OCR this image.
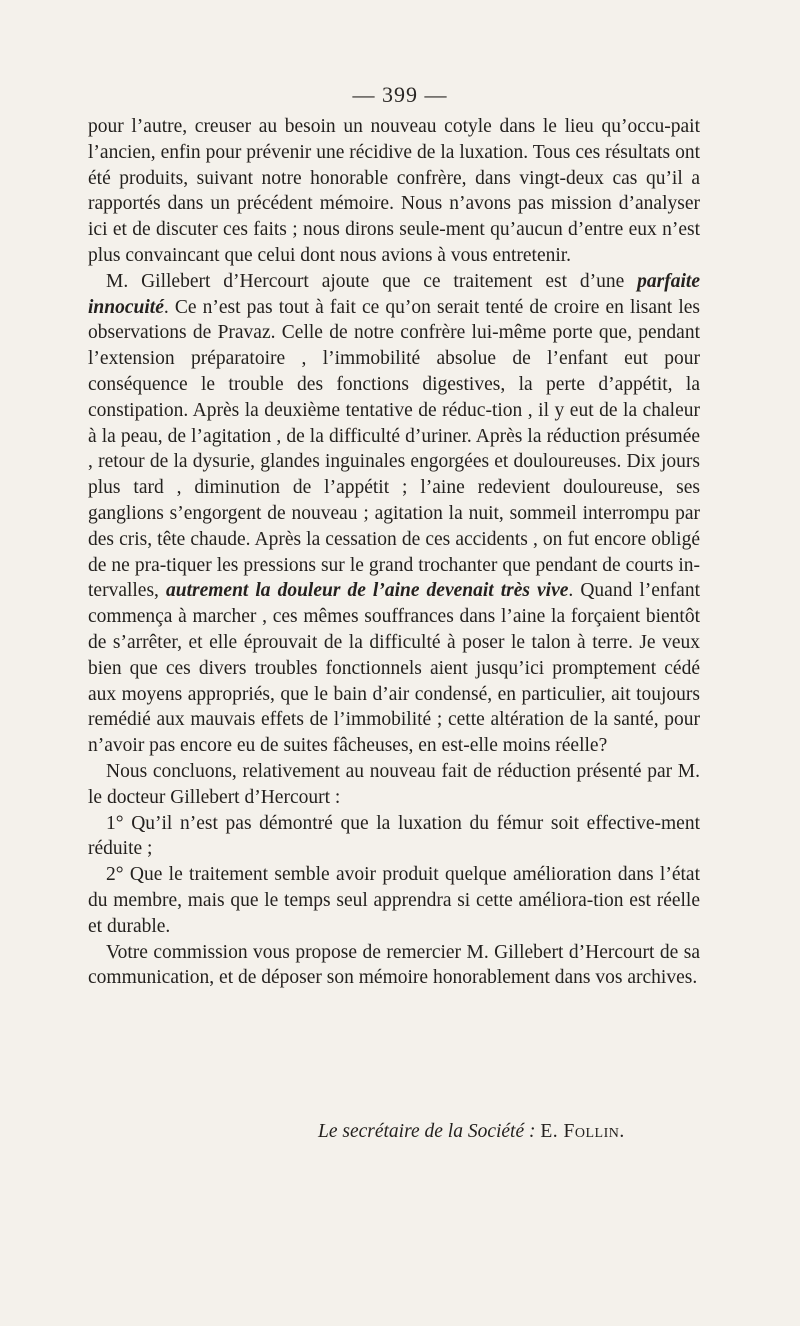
— 399 —

pour l’autre, creuser au besoin un nouveau cotyle dans le lieu qu’occu-pait l’ancien, enfin pour prévenir une récidive de la luxation. Tous ces résultats ont été produits, suivant notre honorable confrère, dans vingt-deux cas qu’il a rapportés dans un précédent mémoire. Nous n’avons pas mission d’analyser ici et de discuter ces faits ; nous dirons seule-ment qu’aucun d’entre eux n’est plus convaincant que celui dont nous avions à vous entretenir.

M. Gillebert d’Hercourt ajoute que ce traitement est d’une parfaite innocuité. Ce n’est pas tout à fait ce qu’on serait tenté de croire en lisant les observations de Pravaz. Celle de notre confrère lui-même porte que, pendant l’extension préparatoire , l’immobilité absolue de l’enfant eut pour conséquence le trouble des fonctions digestives, la perte d’appétit, la constipation. Après la deuxième tentative de réduc-tion , il y eut de la chaleur à la peau, de l’agitation , de la difficulté d’uriner. Après la réduction présumée , retour de la dysurie, glandes inguinales engorgées et douloureuses. Dix jours plus tard , diminution de l’appétit ; l’aine redevient douloureuse, ses ganglions s’engorgent de nouveau ; agitation la nuit, sommeil interrompu par des cris, tête chaude. Après la cessation de ces accidents , on fut encore obligé de ne pra-tiquer les pressions sur le grand trochanter que pendant de courts in-tervalles, autrement la douleur de l’aine devenait très vive. Quand l’enfant commença à marcher , ces mêmes souffrances dans l’aine la forçaient bientôt de s’arrêter, et elle éprouvait de la difficulté à poser le talon à terre. Je veux bien que ces divers troubles fonctionnels aient jusqu’ici promptement cédé aux moyens appropriés, que le bain d’air condensé, en particulier, ait toujours remédié aux mauvais effets de l’immobilité ; cette altération de la santé, pour n’avoir pas encore eu de suites fâcheuses, en est-elle moins réelle?

Nous concluons, relativement au nouveau fait de réduction présenté par M. le docteur Gillebert d’Hercourt :

1° Qu’il n’est pas démontré que la luxation du fémur soit effective-ment réduite ;

2° Que le traitement semble avoir produit quelque amélioration dans l’état du membre, mais que le temps seul apprendra si cette améliora-tion est réelle et durable.

Votre commission vous propose de remercier M. Gillebert d’Hercourt de sa communication, et de déposer son mémoire honorablement dans vos archives.

Le secrétaire de la Société : E. Follin.
